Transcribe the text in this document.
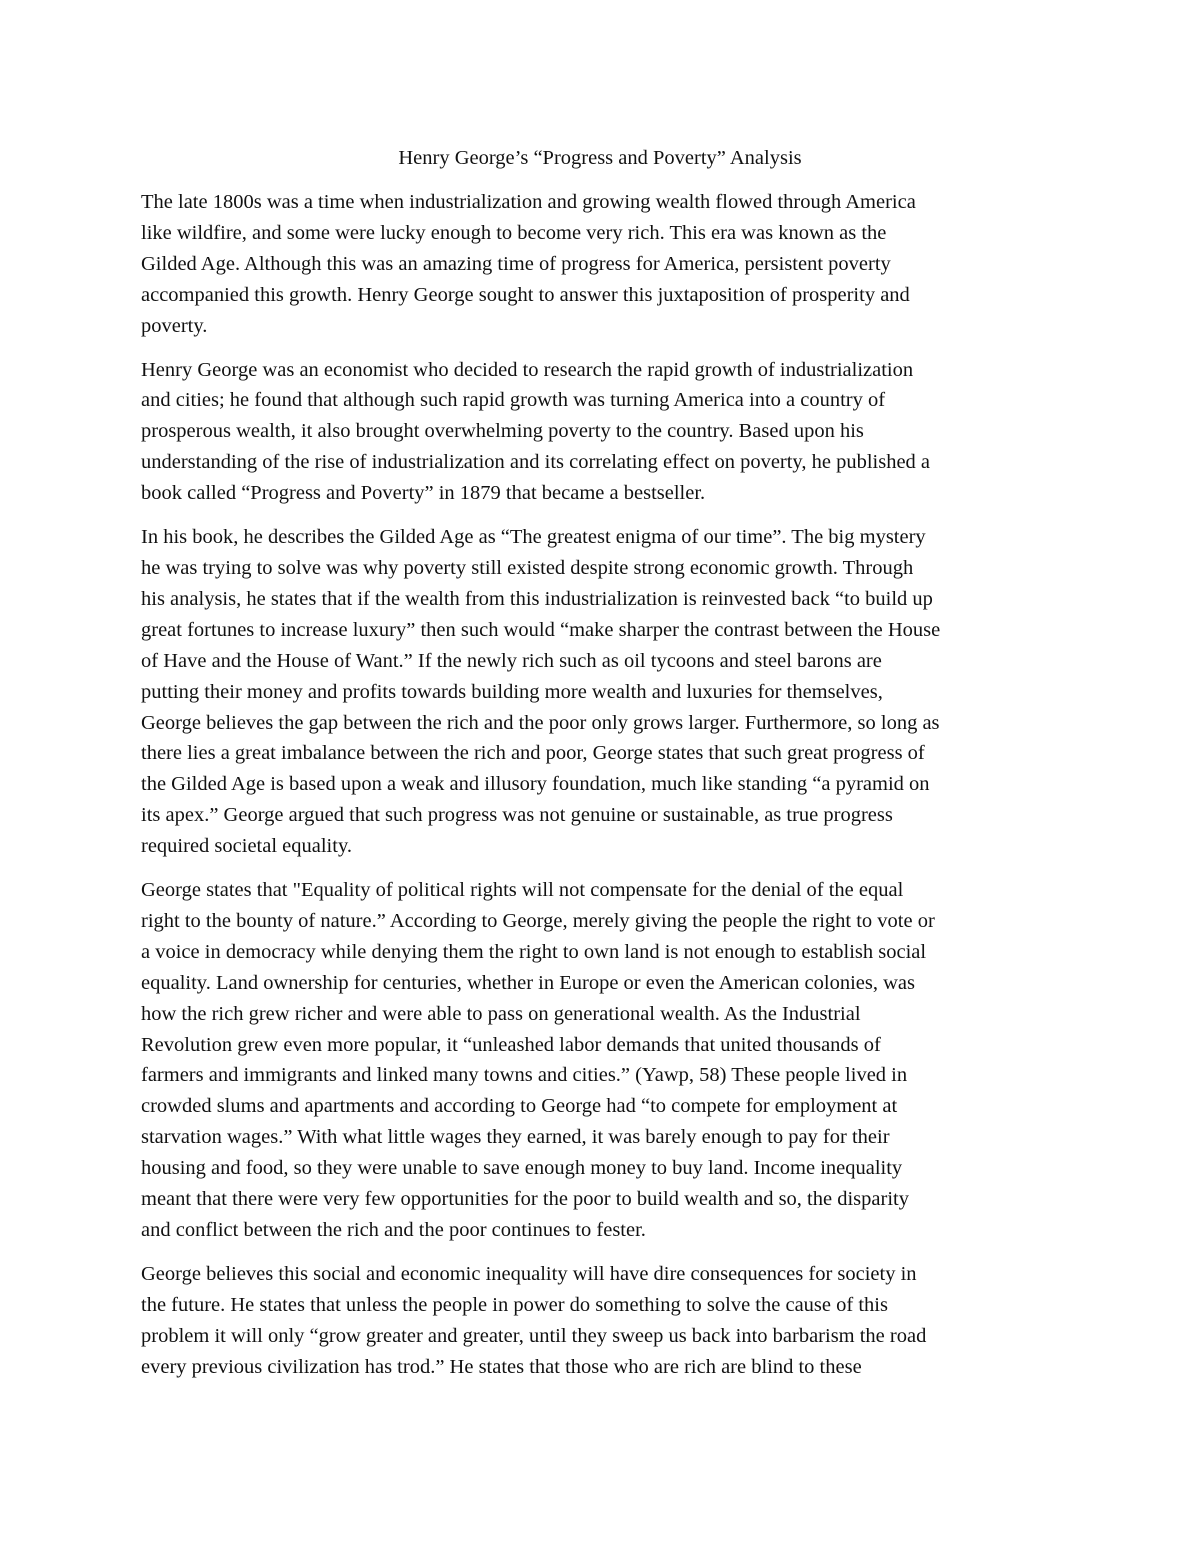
Henry George’s “Progress and Poverty” Analysis

The late 1800s was a time when industrialization and growing wealth flowed through America
like wildfire, and some were lucky enough to become very rich. This era was known as the
Gilded Age. Although this was an amazing time of progress for America, persistent poverty
accompanied this growth. Henry George sought to answer this juxtaposition of prosperity and
poverty.

Henry George was an economist who decided to research the rapid growth of industrialization
and cities; he found that although such rapid growth was turning America into a country of
prosperous wealth, it also brought overwhelming poverty to the country. Based upon his
understanding of the rise of industrialization and its correlating effect on poverty, he published a
book called “Progress and Poverty” in 1879 that became a bestseller.

In his book, he describes the Gilded Age as “The greatest enigma of our time”. The big mystery
he was trying to solve was why poverty still existed despite strong economic growth. Through
his analysis, he states that if the wealth from this industrialization is reinvested back “to build up
great fortunes to increase luxury” then such would “make sharper the contrast between the House
of Have and the House of Want.” If the newly rich such as oil tycoons and steel barons are
putting their money and profits towards building more wealth and luxuries for themselves,
George believes the gap between the rich and the poor only grows larger. Furthermore, so long as
there lies a great imbalance between the rich and poor, George states that such great progress of
the Gilded Age is based upon a weak and illusory foundation, much like standing “a pyramid on
its apex.” George argued that such progress was not genuine or sustainable, as true progress
required societal equality.

George states that "Equality of political rights will not compensate for the denial of the equal
right to the bounty of nature.” According to George, merely giving the people the right to vote or
a voice in democracy while denying them the right to own land is not enough to establish social
equality. Land ownership for centuries, whether in Europe or even the American colonies, was
how the rich grew richer and were able to pass on generational wealth. As the Industrial
Revolution grew even more popular, it “unleashed labor demands that united thousands of
farmers and immigrants and linked many towns and cities.” (Yawp, 58) These people lived in
crowded slums and apartments and according to George had “to compete for employment at
starvation wages.” With what little wages they earned, it was barely enough to pay for their
housing and food, so they were unable to save enough money to buy land. Income inequality
meant that there were very few opportunities for the poor to build wealth and so, the disparity
and conflict between the rich and the poor continues to fester.

George believes this social and economic inequality will have dire consequences for society in
the future. He states that unless the people in power do something to solve the cause of this
problem it will only “grow greater and greater, until they sweep us back into barbarism the road
every previous civilization has trod.” He states that those who are rich are blind to these
